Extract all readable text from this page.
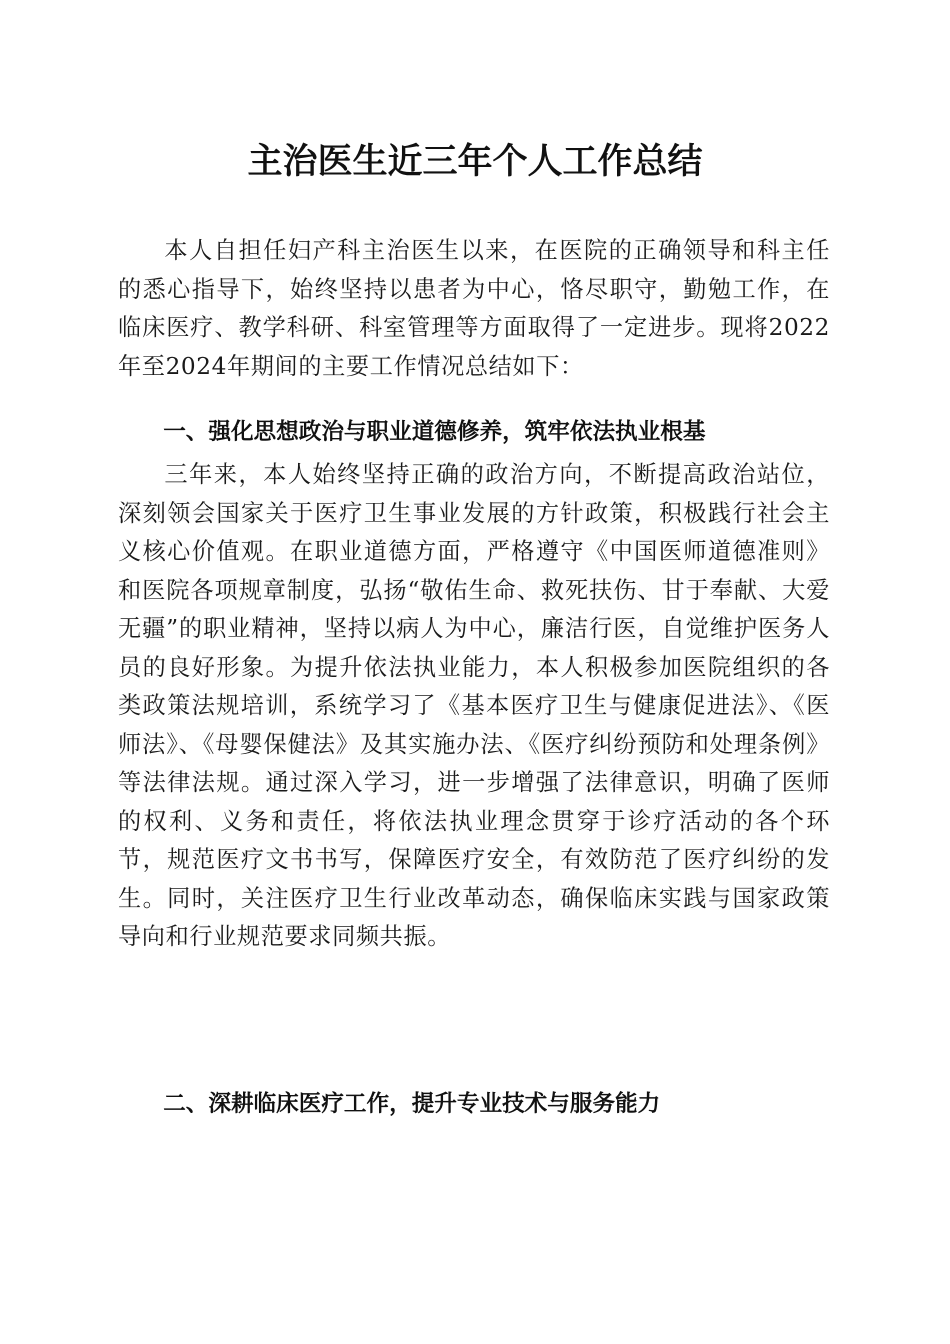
主治医生近三年个人工作总结

本人自担任妇产科主治医生以来，在医院的正确领导和科主任的悉心指导下，始终坚持以患者为中心，恪尽职守，勤勉工作，在临床医疗、教学科研、科室管理等方面取得了一定进步。现将2022年至2024年期间的主要工作情况总结如下：

一、强化思想政治与职业道德修养，筑牢依法执业根基

三年来，本人始终坚持正确的政治方向，不断提高政治站位，深刻领会国家关于医疗卫生事业发展的方针政策，积极践行社会主义核心价值观。在职业道德方面，严格遵守《中国医师道德准则》和医院各项规章制度，弘扬“敬佑生命、救死扶伤、甘于奉献、大爱无疆”的职业精神，坚持以病人为中心，廉洁行医，自觉维护医务人员的良好形象。为提升依法执业能力，本人积极参加医院组织的各类政策法规培训，系统学习了《基本医疗卫生与健康促进法》、《医师法》、《母婴保健法》及其实施办法、《医疗纠纷预防和处理条例》等法律法规。通过深入学习，进一步增强了法律意识，明确了医师的权利、义务和责任，将依法执业理念贯穿于诊疗活动的各个环节，规范医疗文书书写，保障医疗安全，有效防范了医疗纠纷的发生。同时，关注医疗卫生行业改革动态，确保临床实践与国家政策导向和行业规范要求同频共振。

二、深耕临床医疗工作，提升专业技术与服务能力
